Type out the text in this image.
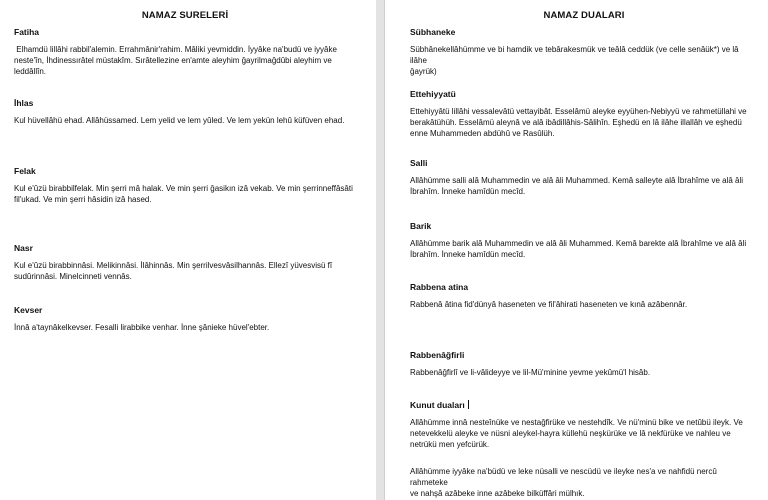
NAMAZ SURELERİ

Fatiha

Elhamdü lillâhi rabbil'alemin. Errahmânir'rahim. Mâliki yevmiddin. İyyâke na'budü ve iyyâke
neste'în, İhdinessırâtel müstakîm. Sırâtellezine en'amte aleyhim ğayrilmağdûbi aleyhim ve
leddâllîn.

İhlas

Kul hüvellâhü ehad. Allâhüssamed. Lem yelid ve lem yûled. Ve lem yekün lehû küfüven ehad.

Felak

Kul e'ûzü birabbilfelak. Min şerri mâ halak. Ve min şerri ğasikın izâ vekab. Ve min şerrinneffâsâti
fil'ukad. Ve min şerri hâsidin izâ hased.

Nasr

Kul e'ûzü birabbinnâsi. Melikinnâsi. İlâhinnâs. Min şerrilvesvâsilhannâs. Ellezî yüvesvisü fî
sudûrinnâsi. Minelcinneti vennâs.

Kevser

İnnâ a'taynâkelkevser. Fesalli lirabbike venhar. İnne şânieke hüvel'ebter.

NAMAZ DUALARI

Sübhaneke

Sübhânekellâhümme ve bi hamdik ve tebârakesmük ve teâlâ ceddük (ve celle senâük*) ve lâ ilâhe
ğayrük)

Ettehiyyatü

Ettehiyyâtü lillâhi vessalevâtü vettayibât. Esselâmü aleyke eyyühen-Nebiyyü ve rahmetüllahi ve
berakâtühüh. Esselâmü aleynâ ve alâ ibâdillâhis-Sâlihîn. Eşhedü en lâ ilâhe illallâh ve eşhedü
enne Muhammeden abdühû ve Rasûlüh.

Salli

Allâhümme salli alâ Muhammedin ve alâ âli Muhammed. Kemâ salleyte alâ İbrahîme ve alâ âli
İbrahîm. İnneke hamîdün mecîd.

Barik

Allâhümme barik alâ Muhammedin ve alâ âli Muhammed. Kemâ barekte alâ İbrahîme ve alâ âli
İbrahîm. İnneke hamîdün mecîd.

Rabbena atina

Rabbenâ âtina fid'dünyâ haseneten ve fil'âhirati haseneten ve kınâ azâbennâr.

Rabbenâğfirli

Rabbenâğfirlî ve li-vâlideyye ve lil-Mü'minine yevme yekûmü'l hisâb.

Kunut duaları

Allâhümme innâ nesteînüke ve nestağfirüke ve nestehdîk. Ve nü'minü bike ve netûbü ileyk. Ve
netevekkelü aleyke ve nüsni aleykel-hayra küllehü neşkürüke ve lâ nekfürüke ve nahleu ve
netrükü men yefcürük.

Allâhümme iyyâke na'büdü ve leke nüsalli ve nescüdü ve ileyke nes'a ve nahfidü nercû rahmeteke
ve nahşâ azâbeke inne azâbeke bilküffâri mülhık.
